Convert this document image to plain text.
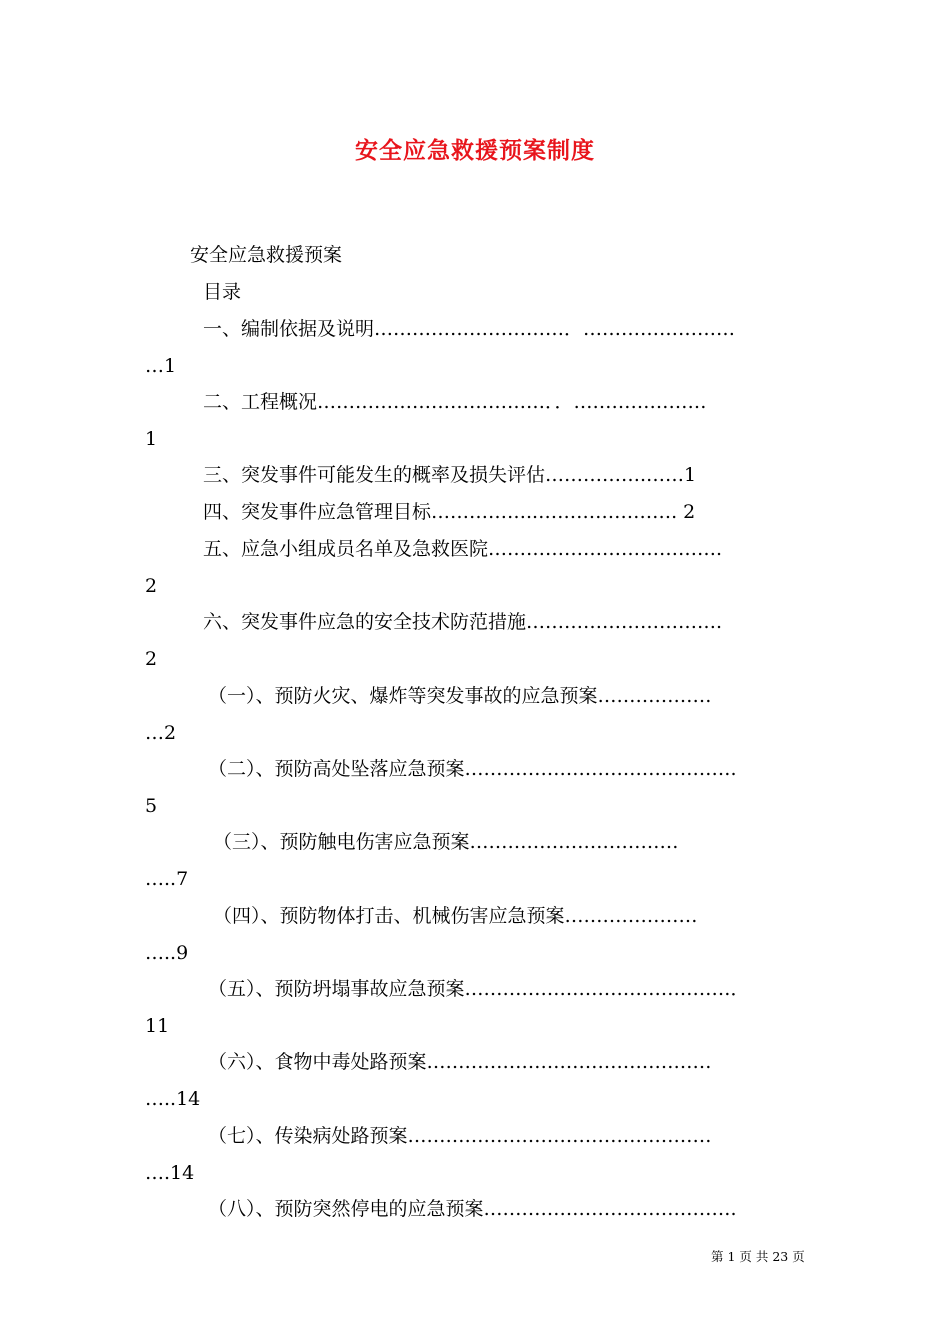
安全应急救援预案制度
安全应急救援预案
目录
一、编制依据及说明…………………………．……………………
…1
二、工程概况………………………………．．…………………
1
三、突发事件可能发生的概率及损失评估…………….……1
四、突发事件应急管理目标……………..…………………. 2
五、应急小组成员名单及急救医院……………………………….
2
六、突发事件应急的安全技术防范措施………………………….
2
（一）、预防火灾、爆炸等突发事故的应急预案………………
…2
（二）、预防高处坠落应急预案…………………………………….
5
（三）、预防触电伤害应急预案……………………………
…..7
（四）、预防物体打击、机械伤害应急预案…………………
…..9
（五）、预防坍塌事故应急预案……………………………………．
11
（六）、食物中毒处路预案………………………………………
…..14
（七）、传染病处路预案…………………………………………
….14
（八）、预防突然停电的应急预案………………………………….
第 1 页 共 23 页
